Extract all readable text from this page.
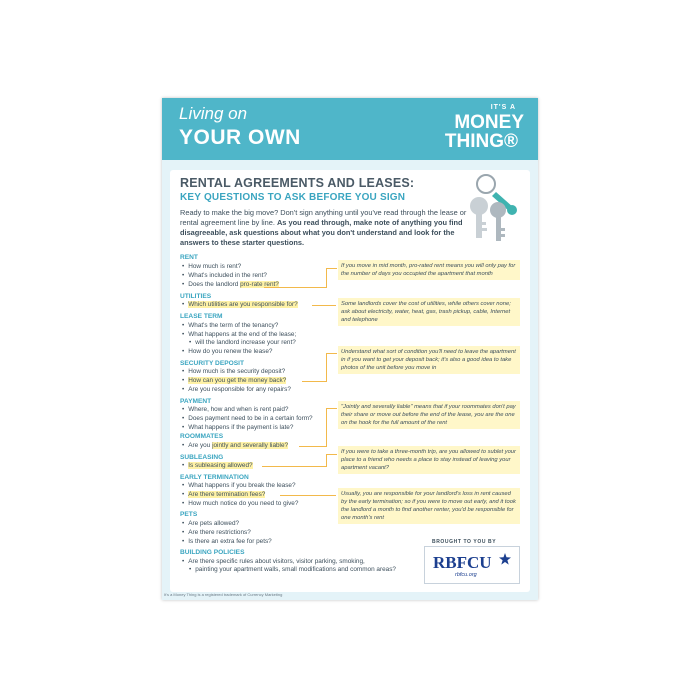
Living on
YOUR OWN
IT'S A
MONEY
THING®
RENTAL AGREEMENTS AND LEASES:
KEY QUESTIONS TO ASK BEFORE YOU SIGN
Ready to make the big move? Don't sign anything until you've read through the lease or rental agreement line by line. As you read through, make note of anything you find disagreeable, ask questions about what you don't understand and look for the answers to these starter questions.
RENT
• How much is rent?
• What's included in the rent?
• Does the landlord pro-rate rent?
UTILITIES
• Which utilities are you responsible for?
LEASE TERM
• What's the term of the tenancy?
• What happens at the end of the lease;
• will the landlord increase your rent?
• How do you renew the lease?
SECURITY DEPOSIT
• How much is the security deposit?
• How can you get the money back?
• Are you responsible for any repairs?
PAYMENT
• Where, how and when is rent paid?
• Does payment need to be in a certain form?
• What happens if the payment is late?
ROOMMATES
• Are you jointly and severally liable?
SUBLEASING
• Is subleasing allowed?
EARLY TERMINATION
• What happens if you break the lease?
• Are there termination fees?
• How much notice do you need to give?
PETS
• Are pets allowed?
• Are there restrictions?
• Is there an extra fee for pets?
BUILDING POLICIES
• Are there specific rules about visitors, visitor parking, smoking,
• painting your apartment walls, small modifications and common areas?
If you move in mid month, pro-rated rent means you will only pay for the number of days you occupied the apartment that month
Some landlords cover the cost of utilities, while others cover none; ask about electricity, water, heat, gas, trash pickup, cable, Internet and telephone
Understand what sort of condition you'll need to leave the apartment in if you want to get your deposit back; it's also a good idea to take photos of the unit before you move in
"Jointly and severally liable" means that if your roommates don't pay their share or move out before the end of the lease, you are the one on the hook for the full amount of the rent
If you were to take a three-month trip, are you allowed to sublet your place to a friend who needs a place to stay instead of leaving your apartment vacant?
Usually, you are responsible for your landlord's loss in rent caused by the early termination; so if you were to move out early, and it took the landlord a month to find another renter, you'd be responsible for one month's rent
BROUGHT TO YOU BY
RBFCU
rbfcu.org
It's a Money Thing is a registered trademark of Currency Marketing
